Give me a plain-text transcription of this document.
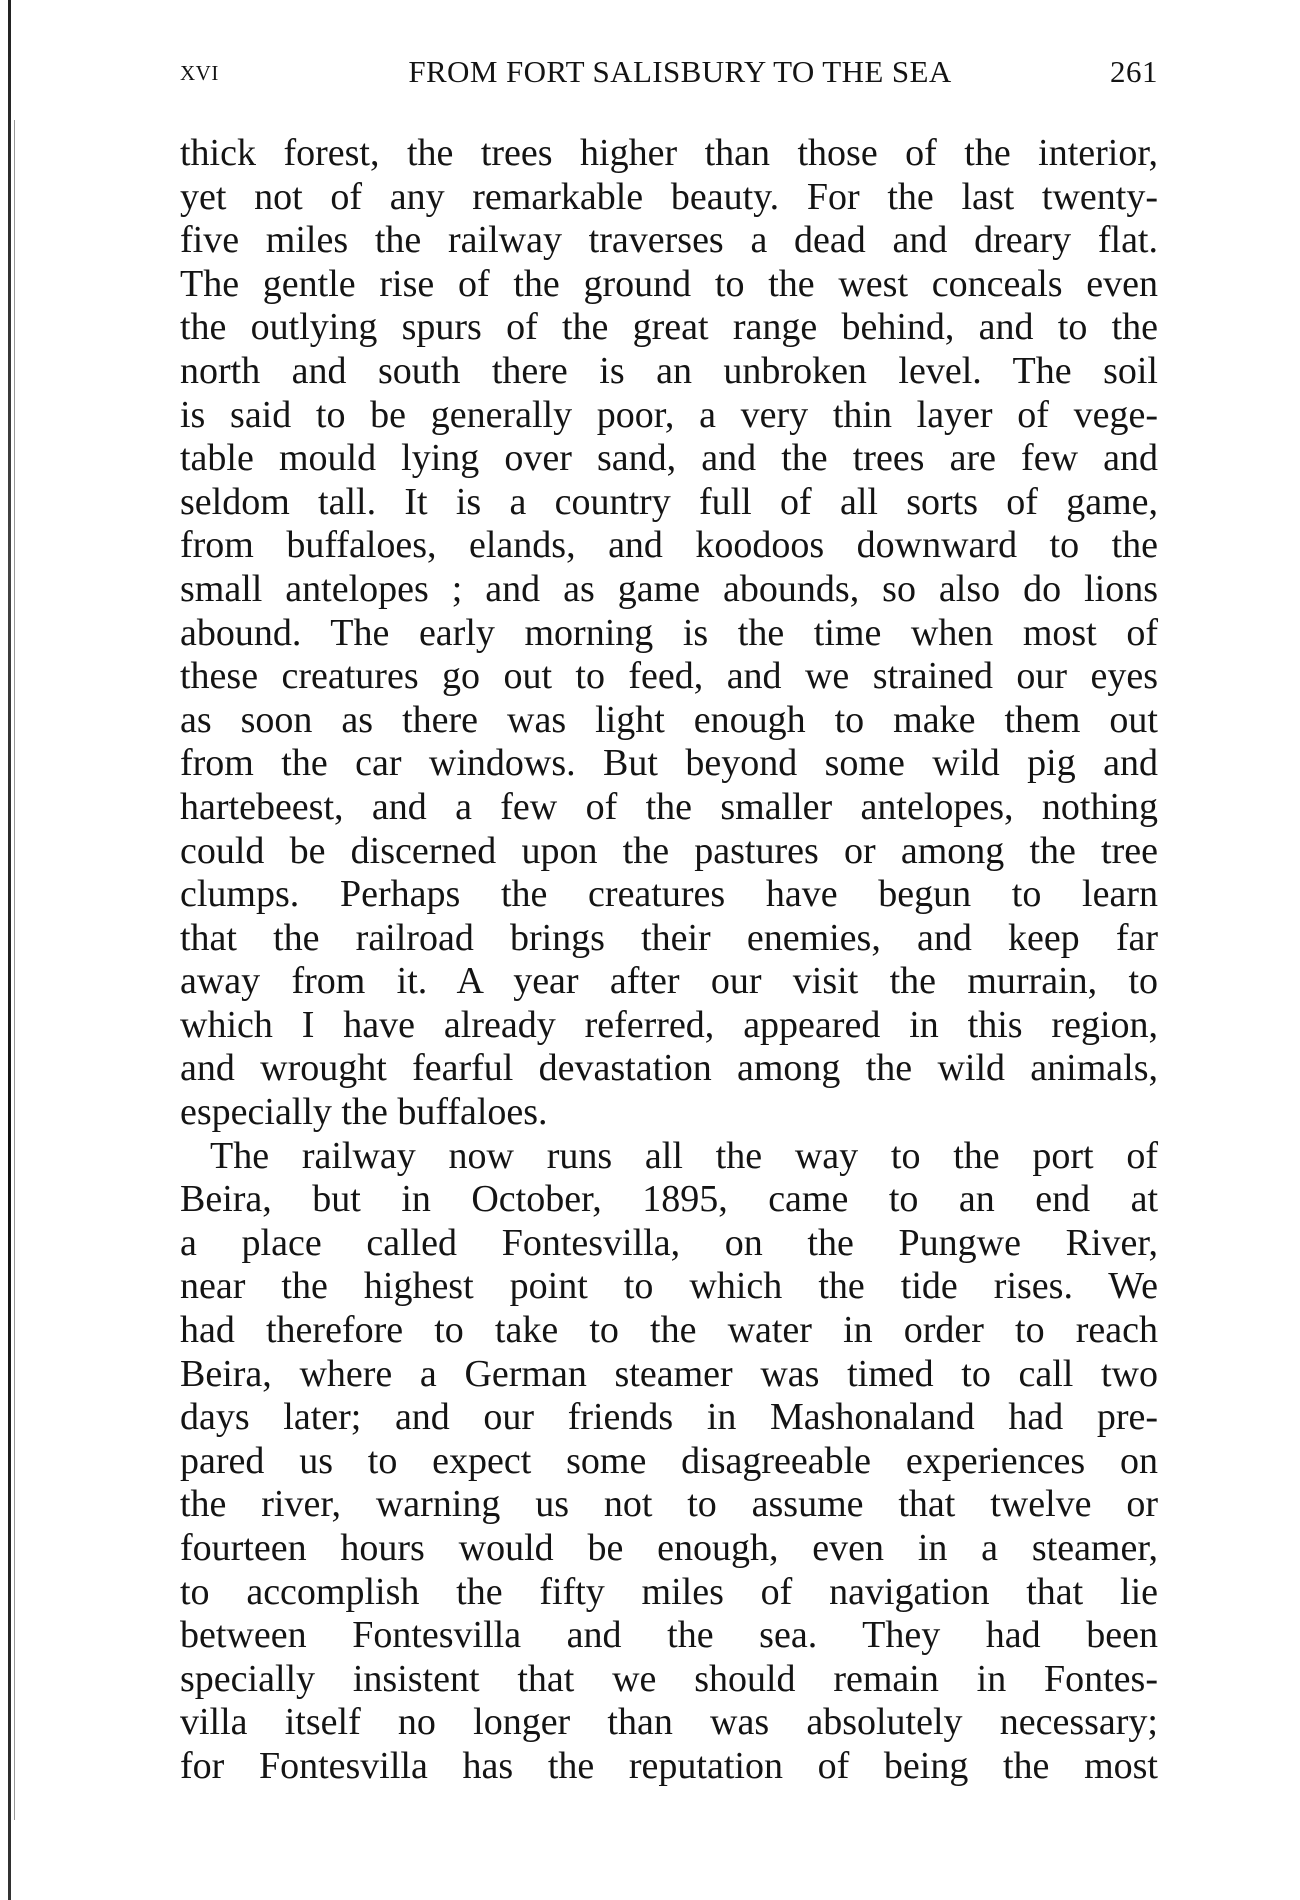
xvi	FROM FORT SALISBURY TO THE SEA	261
thick forest, the trees higher than those of the interior,
yet not of any remarkable beauty. For the last twenty-
five miles the railway traverses a dead and dreary flat.
The gentle rise of the ground to the west conceals even
the outlying spurs of the great range behind, and to the
north and south there is an unbroken level. The soil
is said to be generally poor, a very thin layer of vege-
table mould lying over sand, and the trees are few and
seldom tall. It is a country full of all sorts of game,
from buffaloes, elands, and koodoos downward to the
small antelopes ; and as game abounds, so also do lions
abound. The early morning is the time when most of
these creatures go out to feed, and we strained our eyes
as soon as there was light enough to make them out
from the car windows. But beyond some wild pig and
hartebeest, and a few of the smaller antelopes, nothing
could be discerned upon the pastures or among the tree
clumps. Perhaps the creatures have begun to learn
that the railroad brings their enemies, and keep far
away from it. A year after our visit the murrain, to
which I have already referred, appeared in this region,
and wrought fearful devastation among the wild animals,
especially the buffaloes.
The railway now runs all the way to the port of
Beira, but in October, 1895, came to an end at
a place called Fontesvilla, on the Pungwe River,
near the highest point to which the tide rises. We
had therefore to take to the water in order to reach
Beira, where a German steamer was timed to call two
days later; and our friends in Mashonaland had pre-
pared us to expect some disagreeable experiences on
the river, warning us not to assume that twelve or
fourteen hours would be enough, even in a steamer,
to accomplish the fifty miles of navigation that lie
between Fontesvilla and the sea. They had been
specially insistent that we should remain in Fontes-
villa itself no longer than was absolutely necessary;
for Fontesvilla has the reputation of being the most
